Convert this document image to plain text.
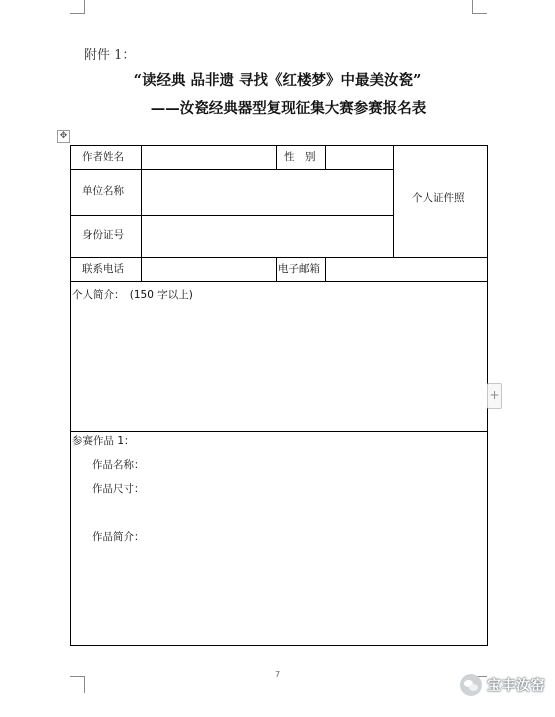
附件 1：
“读经典 品非遗 寻找《红楼梦》中最美汝瓷”
——汝瓷经典器型复现征集大赛参赛报名表
✥
作者姓名	性　别
个人证件照
单位名称
身份证号
联系电话	电子邮箱
个人简介：　(150 字以上)
参赛作品 1：
作品名称：
作品尺寸：
作品简介：
+
7
宝丰汝窑
